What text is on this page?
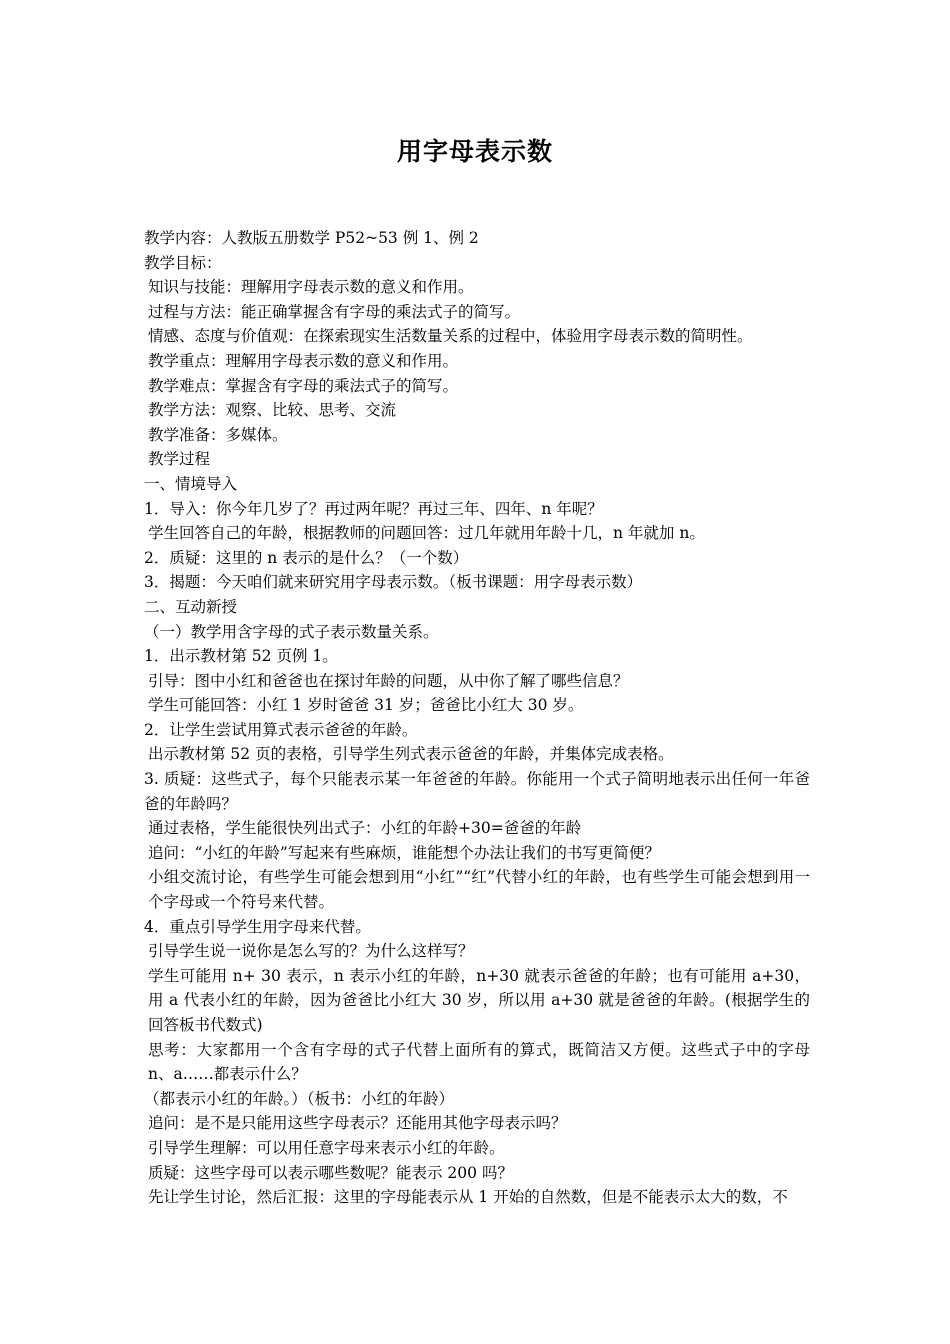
用字母表示数
教学内容：人教版五册数学 P52~53 例 1、例 2
教学目标：
知识与技能：理解用字母表示数的意义和作用。
过程与方法：能正确掌握含有字母的乘法式子的简写。
情感、态度与价值观：在探索现实生活数量关系的过程中，体验用字母表示数的简明性。
教学重点：理解用字母表示数的意义和作用。
教学难点：掌握含有字母的乘法式子的简写。
教学方法：观察、比较、思考、交流
教学准备：多媒体。
教学过程
一、情境导入
1．导入：你今年几岁了？再过两年呢？再过三年、四年、n 年呢？
学生回答自己的年龄，根据教师的问题回答：过几年就用年龄十几，n 年就加 n。
2．质疑：这里的 n 表示的是什么？（一个数）
3．揭题：今天咱们就来研究用字母表示数。（板书课题：用字母表示数）
二、互动新授
（一）教学用含字母的式子表示数量关系。
1．出示教材第 52 页例 1。
引导：图中小红和爸爸也在探讨年龄的问题，从中你了解了哪些信息？
学生可能回答：小红 1 岁时爸爸 31 岁；爸爸比小红大 30 岁。
2．让学生尝试用算式表示爸爸的年龄。
出示教材第 52 页的表格，引导学生列式表示爸爸的年龄，并集体完成表格。
3. 质疑：这些式子，每个只能表示某一年爸爸的年龄。你能用一个式子简明地表示出任何一年爸爸的年龄吗？
通过表格，学生能很快列出式子：小红的年龄+30=爸爸的年龄
追问：“小红的年龄”写起来有些麻烦，谁能想个办法让我们的书写更简便？
小组交流讨论，有些学生可能会想到用“小红”“红”代替小红的年龄，也有些学生可能会想到用一个字母或一个符号来代替。
4．重点引导学生用字母来代替。
引导学生说一说你是怎么写的？为什么这样写？
学生可能用 n+ 30 表示，n 表示小红的年龄，n+30 就表示爸爸的年龄；也有可能用 a+30，用 a 代表小红的年龄，因为爸爸比小红大 30 岁，所以用 a+30 就是爸爸的年龄。(根据学生的回答板书代数式)
思考：大家都用一个含有字母的式子代替上面所有的算式，既简洁又方便。这些式子中的字母 n、a……都表示什么？
（都表示小红的年龄。）（板书：小红的年龄）
追问：是不是只能用这些字母表示？还能用其他字母表示吗？
引导学生理解：可以用任意字母来表示小红的年龄。
质疑：这些字母可以表示哪些数呢？能表示 200 吗？
先让学生讨论，然后汇报：这里的字母能表示从 1 开始的自然数，但是不能表示太大的数，不
